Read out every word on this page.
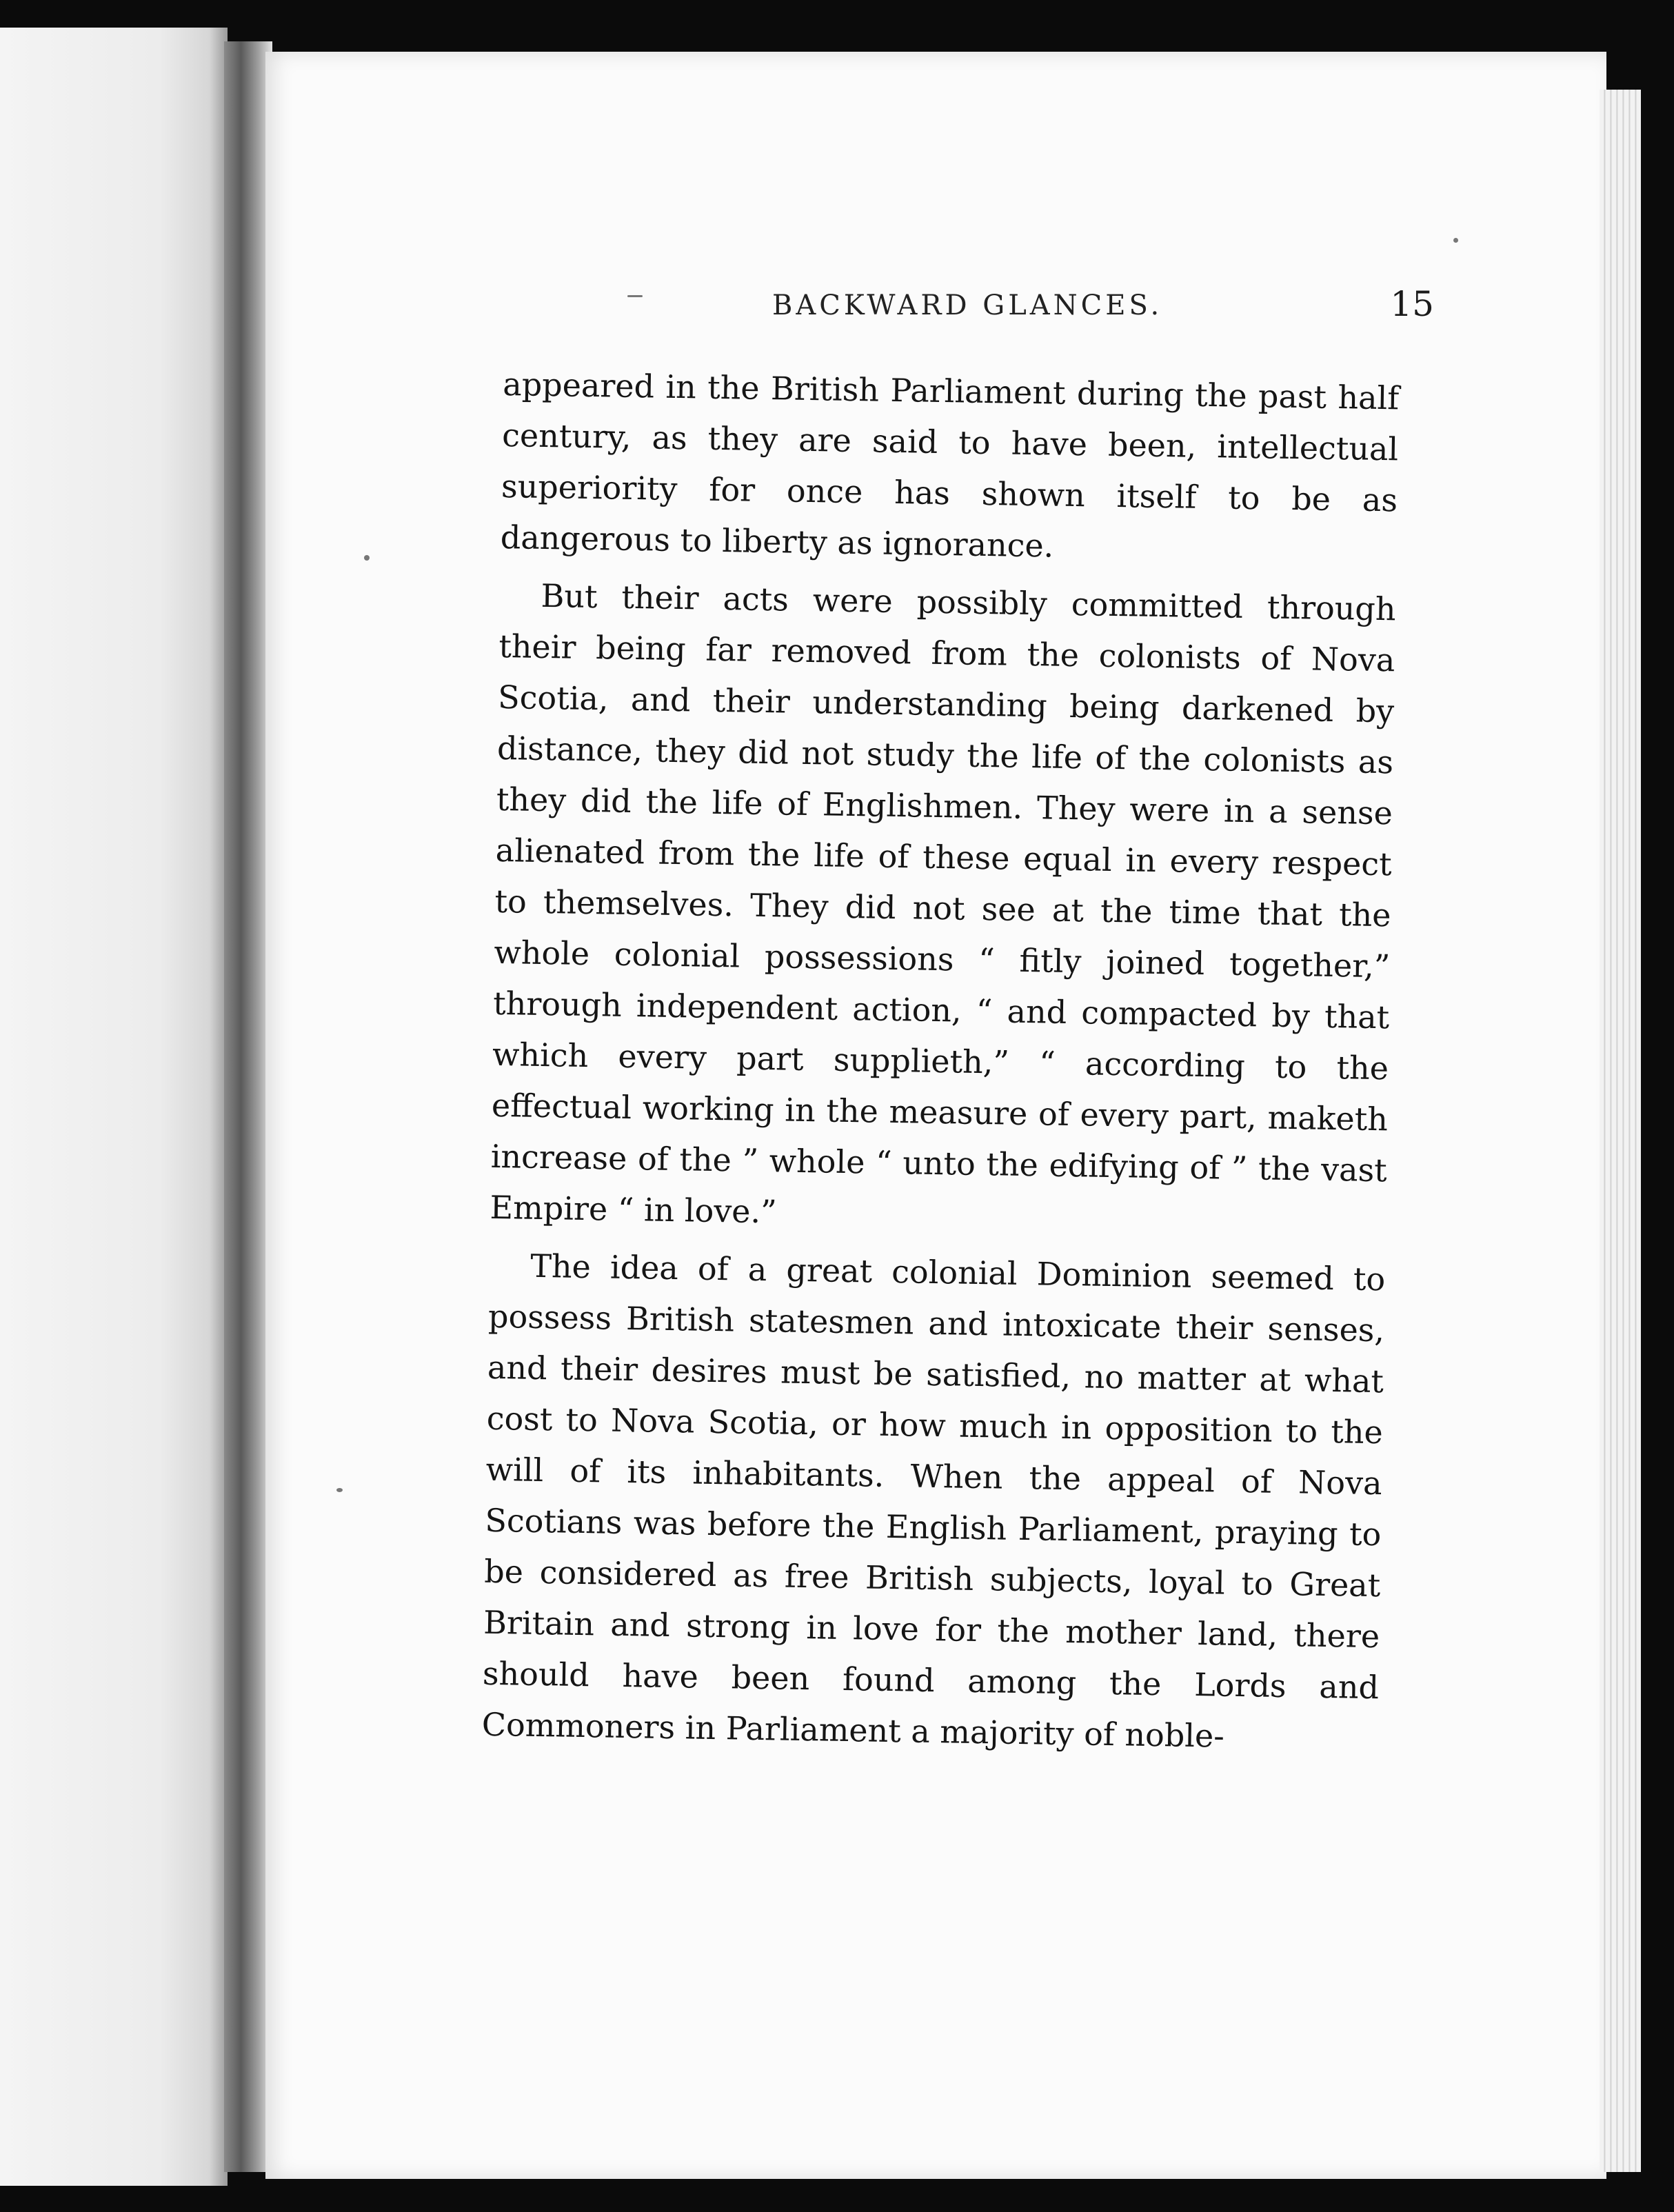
BACKWARD GLANCES.	15

appeared in the British Parliament during the past half century, as they are said to have been, intellectual superiority for once has shown itself to be as dangerous to liberty as ignorance.

But their acts were possibly committed through their being far removed from the colonists of Nova Scotia, and their understanding being darkened by distance, they did not study the life of the colonists as they did the life of Englishmen. They were in a sense alienated from the life of these equal in every respect to themselves. They did not see at the time that the whole colonial possessions “ fitly joined together,” through independent action, “ and compacted by that which every part supplieth,” “ according to the effectual working in the measure of every part, maketh increase of the ” whole “ unto the edifying of ” the vast Empire “ in love.”

The idea of a great colonial Dominion seemed to possess British statesmen and intoxicate their senses, and their desires must be satisfied, no matter at what cost to Nova Scotia, or how much in opposition to the will of its inhabitants. When the appeal of Nova Scotians was before the English Parliament, praying to be considered as free British subjects, loyal to Great Britain and strong in love for the mother land, there should have been found among the Lords and Commoners in Parliament a majority of noble-
